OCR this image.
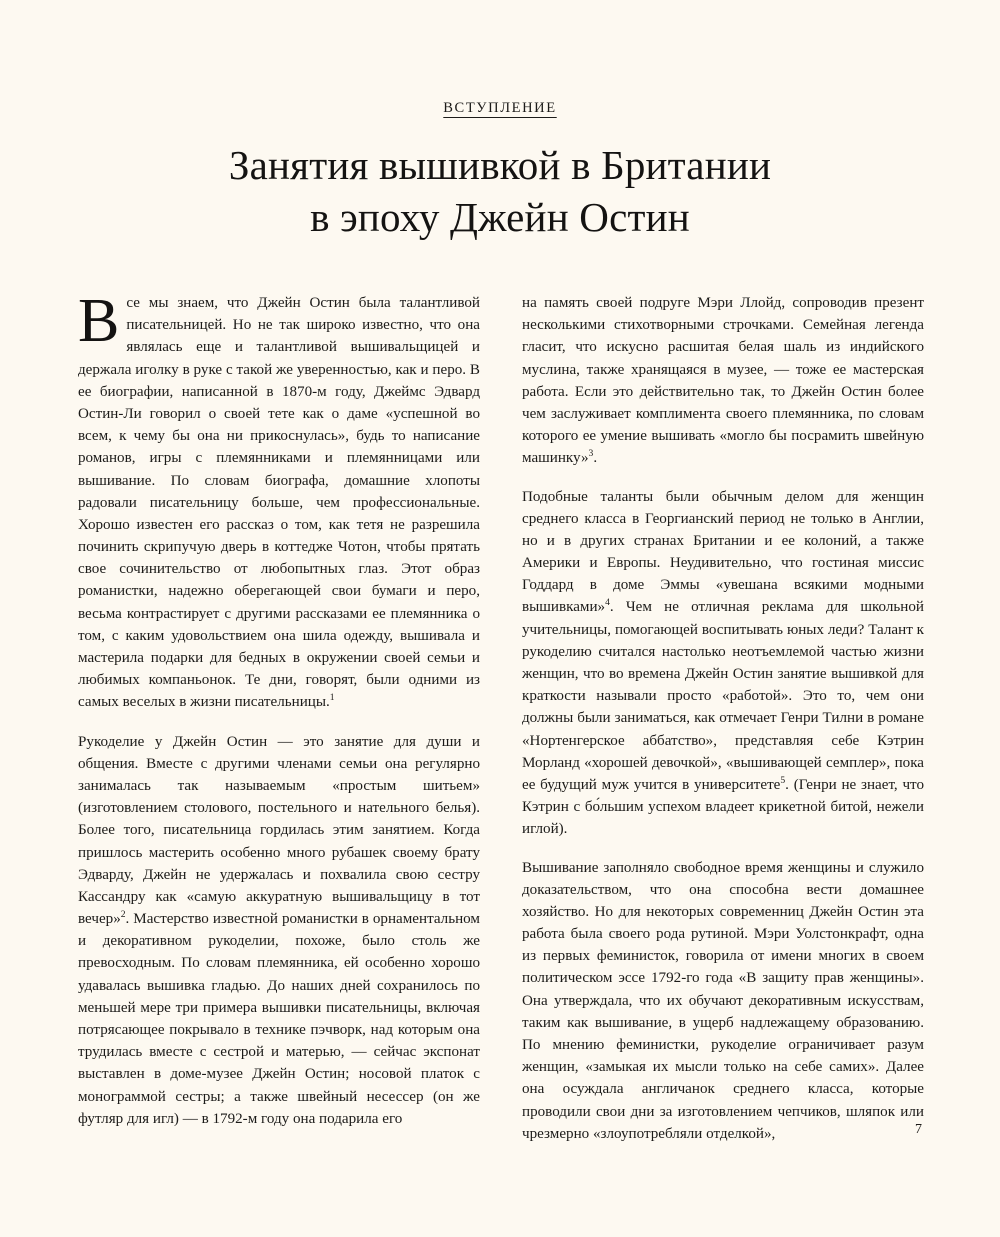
ВСТУПЛЕНИЕ
Занятия вышивкой в Британии
в эпоху Джейн Остин

Все мы знаем, что Джейн Остин была талантливой писательницей. Но не так широко известно, что она являлась еще и талантливой вышивальщицей и держала иголку в руке с такой же уверенностью, как и перо. В ее биографии, написанной в 1870-м году, Джеймс Эдвард Остин-Ли говорил о своей тете как о даме «успешной во всем, к чему бы она ни прикоснулась», будь то написание романов, игры с племянниками и племянницами или вышивание. По словам биографа, домашние хлопоты радовали писательницу больше, чем профессиональные. Хорошо известен его рассказ о том, как тетя не разрешила починить скрипучую дверь в коттедже Чотон, чтобы прятать свое сочинительство от любопытных глаз. Этот образ романистки, надежно оберегающей свои бумаги и перо, весьма контрастирует с другими рассказами ее племянника о том, с каким удовольствием она шила одежду, вышивала и мастерила подарки для бедных в окружении своей семьи и любимых компаньонок. Те дни, говорят, были одними из самых веселых в жизни писательницы.$^1$

Рукоделие у Джейн Остин — это занятие для души и общения. Вместе с другими членами семьи она регулярно занималась так называемым «простым шитьем» (изготовлением столового, постельного и нательного белья). Более того, писательница гордилась этим занятием. Когда пришлось мастерить особенно много рубашек своему брату Эдварду, Джейн не удержалась и похвалила свою сестру Кассандру как «самую аккуратную вышивальщицу в тот вечер»$^2$. Мастерство известной романистки в орнаментальном и декоративном рукоделии, похоже, было столь же превосходным. По словам племянника, ей особенно хорошо удавалась вышивка гладью. До наших дней сохранилось по меньшей мере три примера вышивки писательницы, включая потрясающее покрывало в технике пэчворк, над которым она трудилась вместе с сестрой и матерью, — сейчас экспонат выставлен в доме-музее Джейн Остин; носовой платок с монограммой сестры; а также швейный несессер (он же футляр для игл) — в 1792-м году она подарила его

на память своей подруге Мэри Ллойд, сопроводив презент несколькими стихотворными строчками. Семейная легенда гласит, что искусно расшитая белая шаль из индийского муслина, также хранящаяся в музее, — тоже ее мастерская работа. Если это действительно так, то Джейн Остин более чем заслуживает комплимента своего племянника, по словам которого ее умение вышивать «могло бы посрамить швейную машинку»$^3$.

Подобные таланты были обычным делом для женщин среднего класса в Георгианский период не только в Англии, но и в других странах Британии и ее колоний, а также Америки и Европы. Неудивительно, что гостиная миссис Годдард в доме Эммы «увешана всякими модными вышивками»$^4$. Чем не отличная реклама для школьной учительницы, помогающей воспитывать юных леди? Талант к рукоделию считался настолько неотъемлемой частью жизни женщин, что во времена Джейн Остин занятие вышивкой для краткости называли просто «работой». Это то, чем они должны были заниматься, как отмечает Генри Тилни в романе «Нортенгерское аббатство», представляя себе Кэтрин Морланд «хорошей девочкой», «вышивающей семплер», пока ее будущий муж учится в университете$^5$. (Генри не знает, что Кэтрин с бо́льшим успехом владеет крикетной битой, нежели иглой).

Вышивание заполняло свободное время женщины и служило доказательством, что она способна вести домашнее хозяйство. Но для некоторых современниц Джейн Остин эта работа была своего рода рутиной. Мэри Уолстонкрафт, одна из первых феминисток, говорила от имени многих в своем политическом эссе 1792-го года «В защиту прав женщины». Она утверждала, что их обучают декоративным искусствам, таким как вышивание, в ущерб надлежащему образованию. По мнению феминистки, рукоделие ограничивает разум женщин, «замыкая их мысли только на себе самих». Далее она осуждала англичанок среднего класса, которые проводили свои дни за изготовлением чепчиков, шляпок или чрезмерно «злоупотребляли отделкой»,	7
